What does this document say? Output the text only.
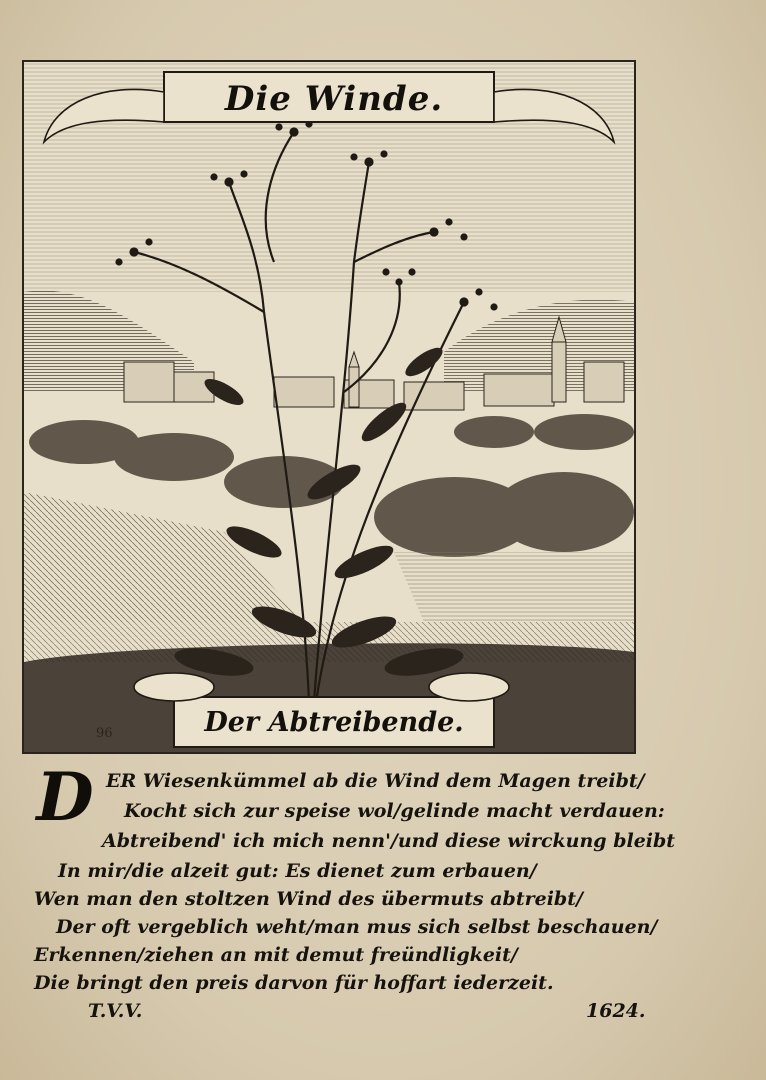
Die Winde.
Der Abtreibende.
96
D ER Wiesenkümmel ab die Wind dem Magen treibt/
Kocht sich zur speise wol/gelinde macht verdauen:
Abtreibend' ich mich nenn'/und diese wirckung bleibt
In mir/die alzeit gut: Es dienet zum erbauen/
Wen man den stoltzen Wind des übermuts abtreibt/
Der oft vergeblich weht/man mus sich selbst beschauen/
Erkennen/ziehen an mit demut freündligkeit/
Die bringt den preis darvon für hoffart iederzeit.
T.V.V.	1624.
